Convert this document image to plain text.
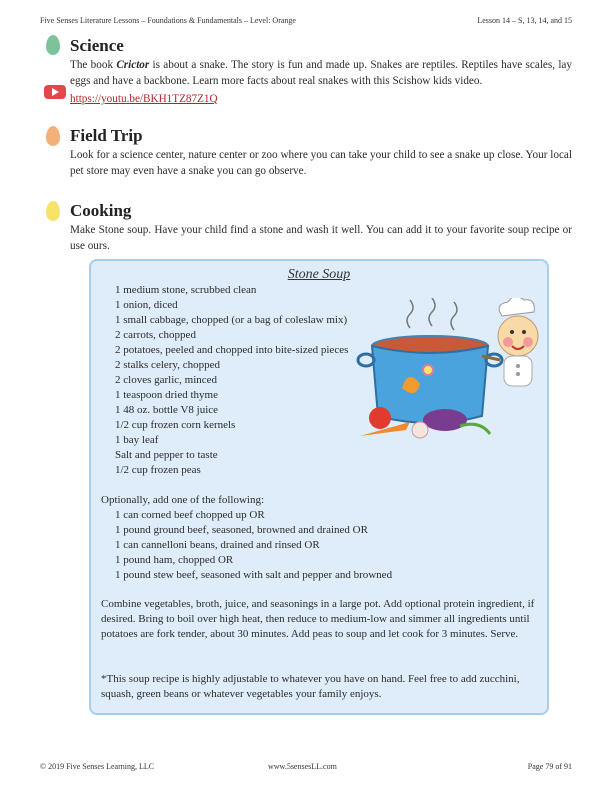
Five Senses Literature Lessons – Foundations & Fundamentals – Level: Orange	Lesson 14 – S, 13, 14, and 15
Science
The book Crictor is about a snake. The story is fun and made up. Snakes are reptiles. Reptiles have scales, lay eggs and have a backbone. Learn more facts about real snakes with this Scishow kids video.
https://youtu.be/BKH1TZ87Z1Q
Field Trip
Look for a science center, nature center or zoo where you can take your child to see a snake up close. Your local pet store may even have a snake you can go observe.
Cooking
Make Stone soup. Have your child find a stone and wash it well. You can add it to your favorite soup recipe or use ours.
Stone Soup
1 medium stone, scrubbed clean
1 onion, diced
1 small cabbage, chopped (or a bag of coleslaw mix)
2 carrots, chopped
2 potatoes, peeled and chopped into bite-sized pieces
2 stalks celery, chopped
2 cloves garlic, minced
1 teaspoon dried thyme
1 48 oz. bottle V8 juice
1/2 cup frozen corn kernels
1 bay leaf
Salt and pepper to taste
1/2 cup frozen peas
Optionally, add one of the following:
1 can corned beef chopped up OR
1 pound ground beef, seasoned, browned and drained OR
1 can cannelloni beans, drained and rinsed OR
1 pound ham, chopped OR
1 pound stew beef, seasoned with salt and pepper and browned
Combine vegetables, broth, juice, and seasonings in a large pot. Add optional protein ingredient, if desired. Bring to boil over high heat, then reduce to medium-low and simmer all ingredients until potatoes are fork tender, about 30 minutes. Add peas to soup and let cook for 3 minutes. Serve.
*This soup recipe is highly adjustable to whatever you have on hand. Feel free to add zucchini, squash, green beans or whatever vegetables your family enjoys.
© 2019 Five Senses Learning, LLC	www.5sensesLL.com	Page 79 of 91
